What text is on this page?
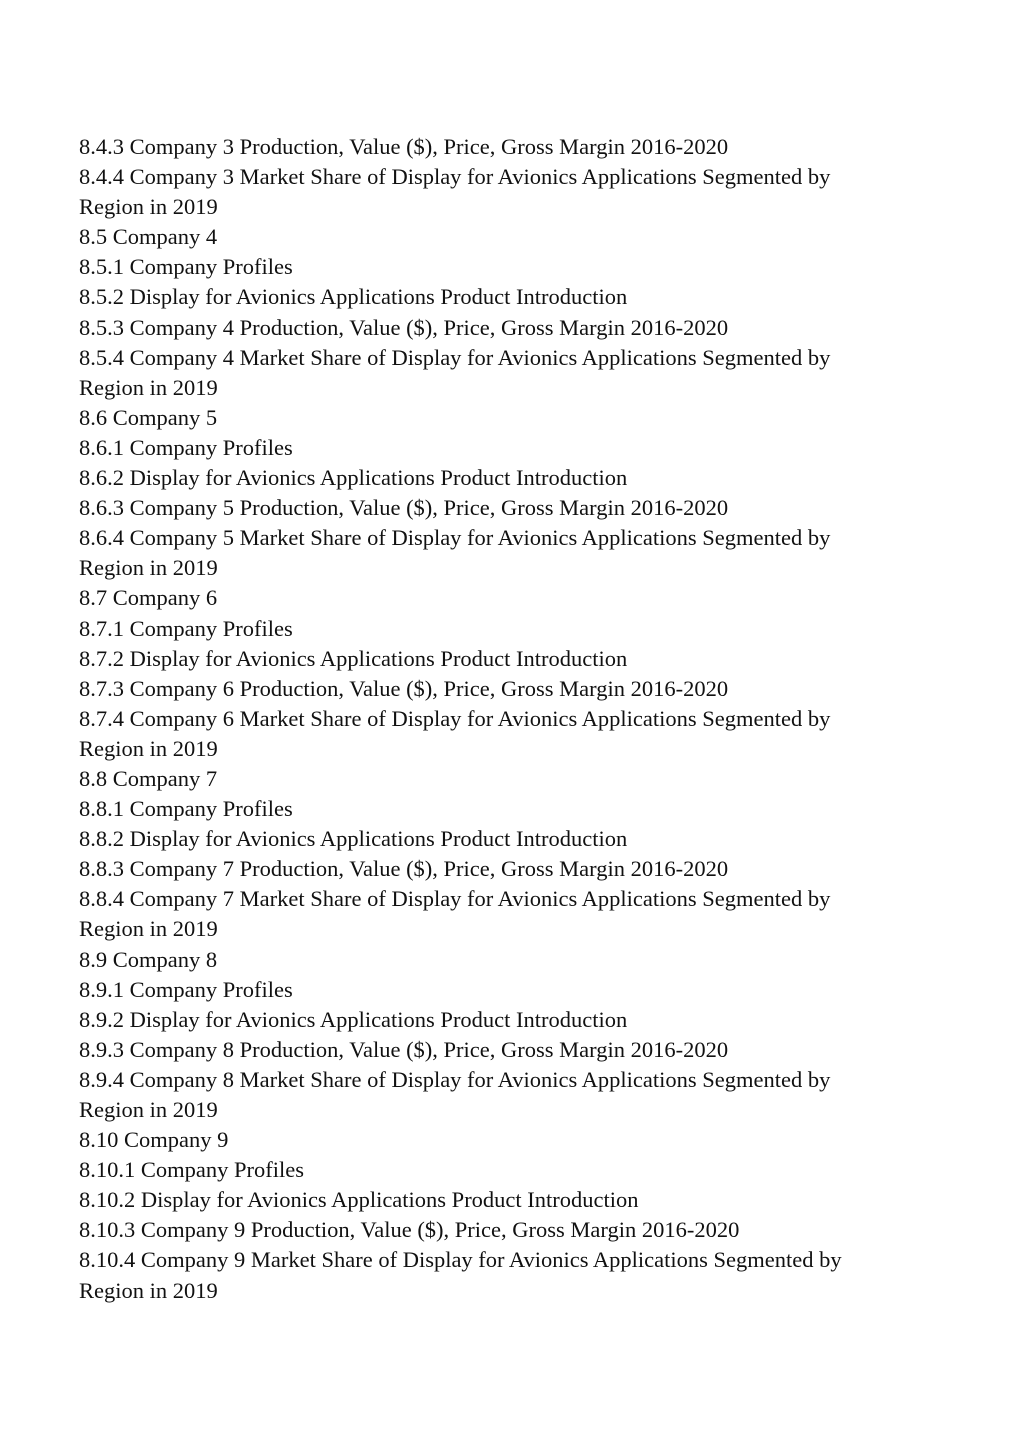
8.4.3 Company 3 Production, Value ($), Price, Gross Margin 2016-2020
8.4.4 Company 3 Market Share of Display for Avionics Applications Segmented by
Region in 2019
8.5 Company 4
8.5.1 Company Profiles
8.5.2 Display for Avionics Applications Product Introduction
8.5.3 Company 4 Production, Value ($), Price, Gross Margin 2016-2020
8.5.4 Company 4 Market Share of Display for Avionics Applications Segmented by
Region in 2019
8.6 Company 5
8.6.1 Company Profiles
8.6.2 Display for Avionics Applications Product Introduction
8.6.3 Company 5 Production, Value ($), Price, Gross Margin 2016-2020
8.6.4 Company 5 Market Share of Display for Avionics Applications Segmented by
Region in 2019
8.7 Company 6
8.7.1 Company Profiles
8.7.2 Display for Avionics Applications Product Introduction
8.7.3 Company 6 Production, Value ($), Price, Gross Margin 2016-2020
8.7.4 Company 6 Market Share of Display for Avionics Applications Segmented by
Region in 2019
8.8 Company 7
8.8.1 Company Profiles
8.8.2 Display for Avionics Applications Product Introduction
8.8.3 Company 7 Production, Value ($), Price, Gross Margin 2016-2020
8.8.4 Company 7 Market Share of Display for Avionics Applications Segmented by
Region in 2019
8.9 Company 8
8.9.1 Company Profiles
8.9.2 Display for Avionics Applications Product Introduction
8.9.3 Company 8 Production, Value ($), Price, Gross Margin 2016-2020
8.9.4 Company 8 Market Share of Display for Avionics Applications Segmented by
Region in 2019
8.10 Company 9
8.10.1 Company Profiles
8.10.2 Display for Avionics Applications Product Introduction
8.10.3 Company 9 Production, Value ($), Price, Gross Margin 2016-2020
8.10.4 Company 9 Market Share of Display for Avionics Applications Segmented by
Region in 2019
